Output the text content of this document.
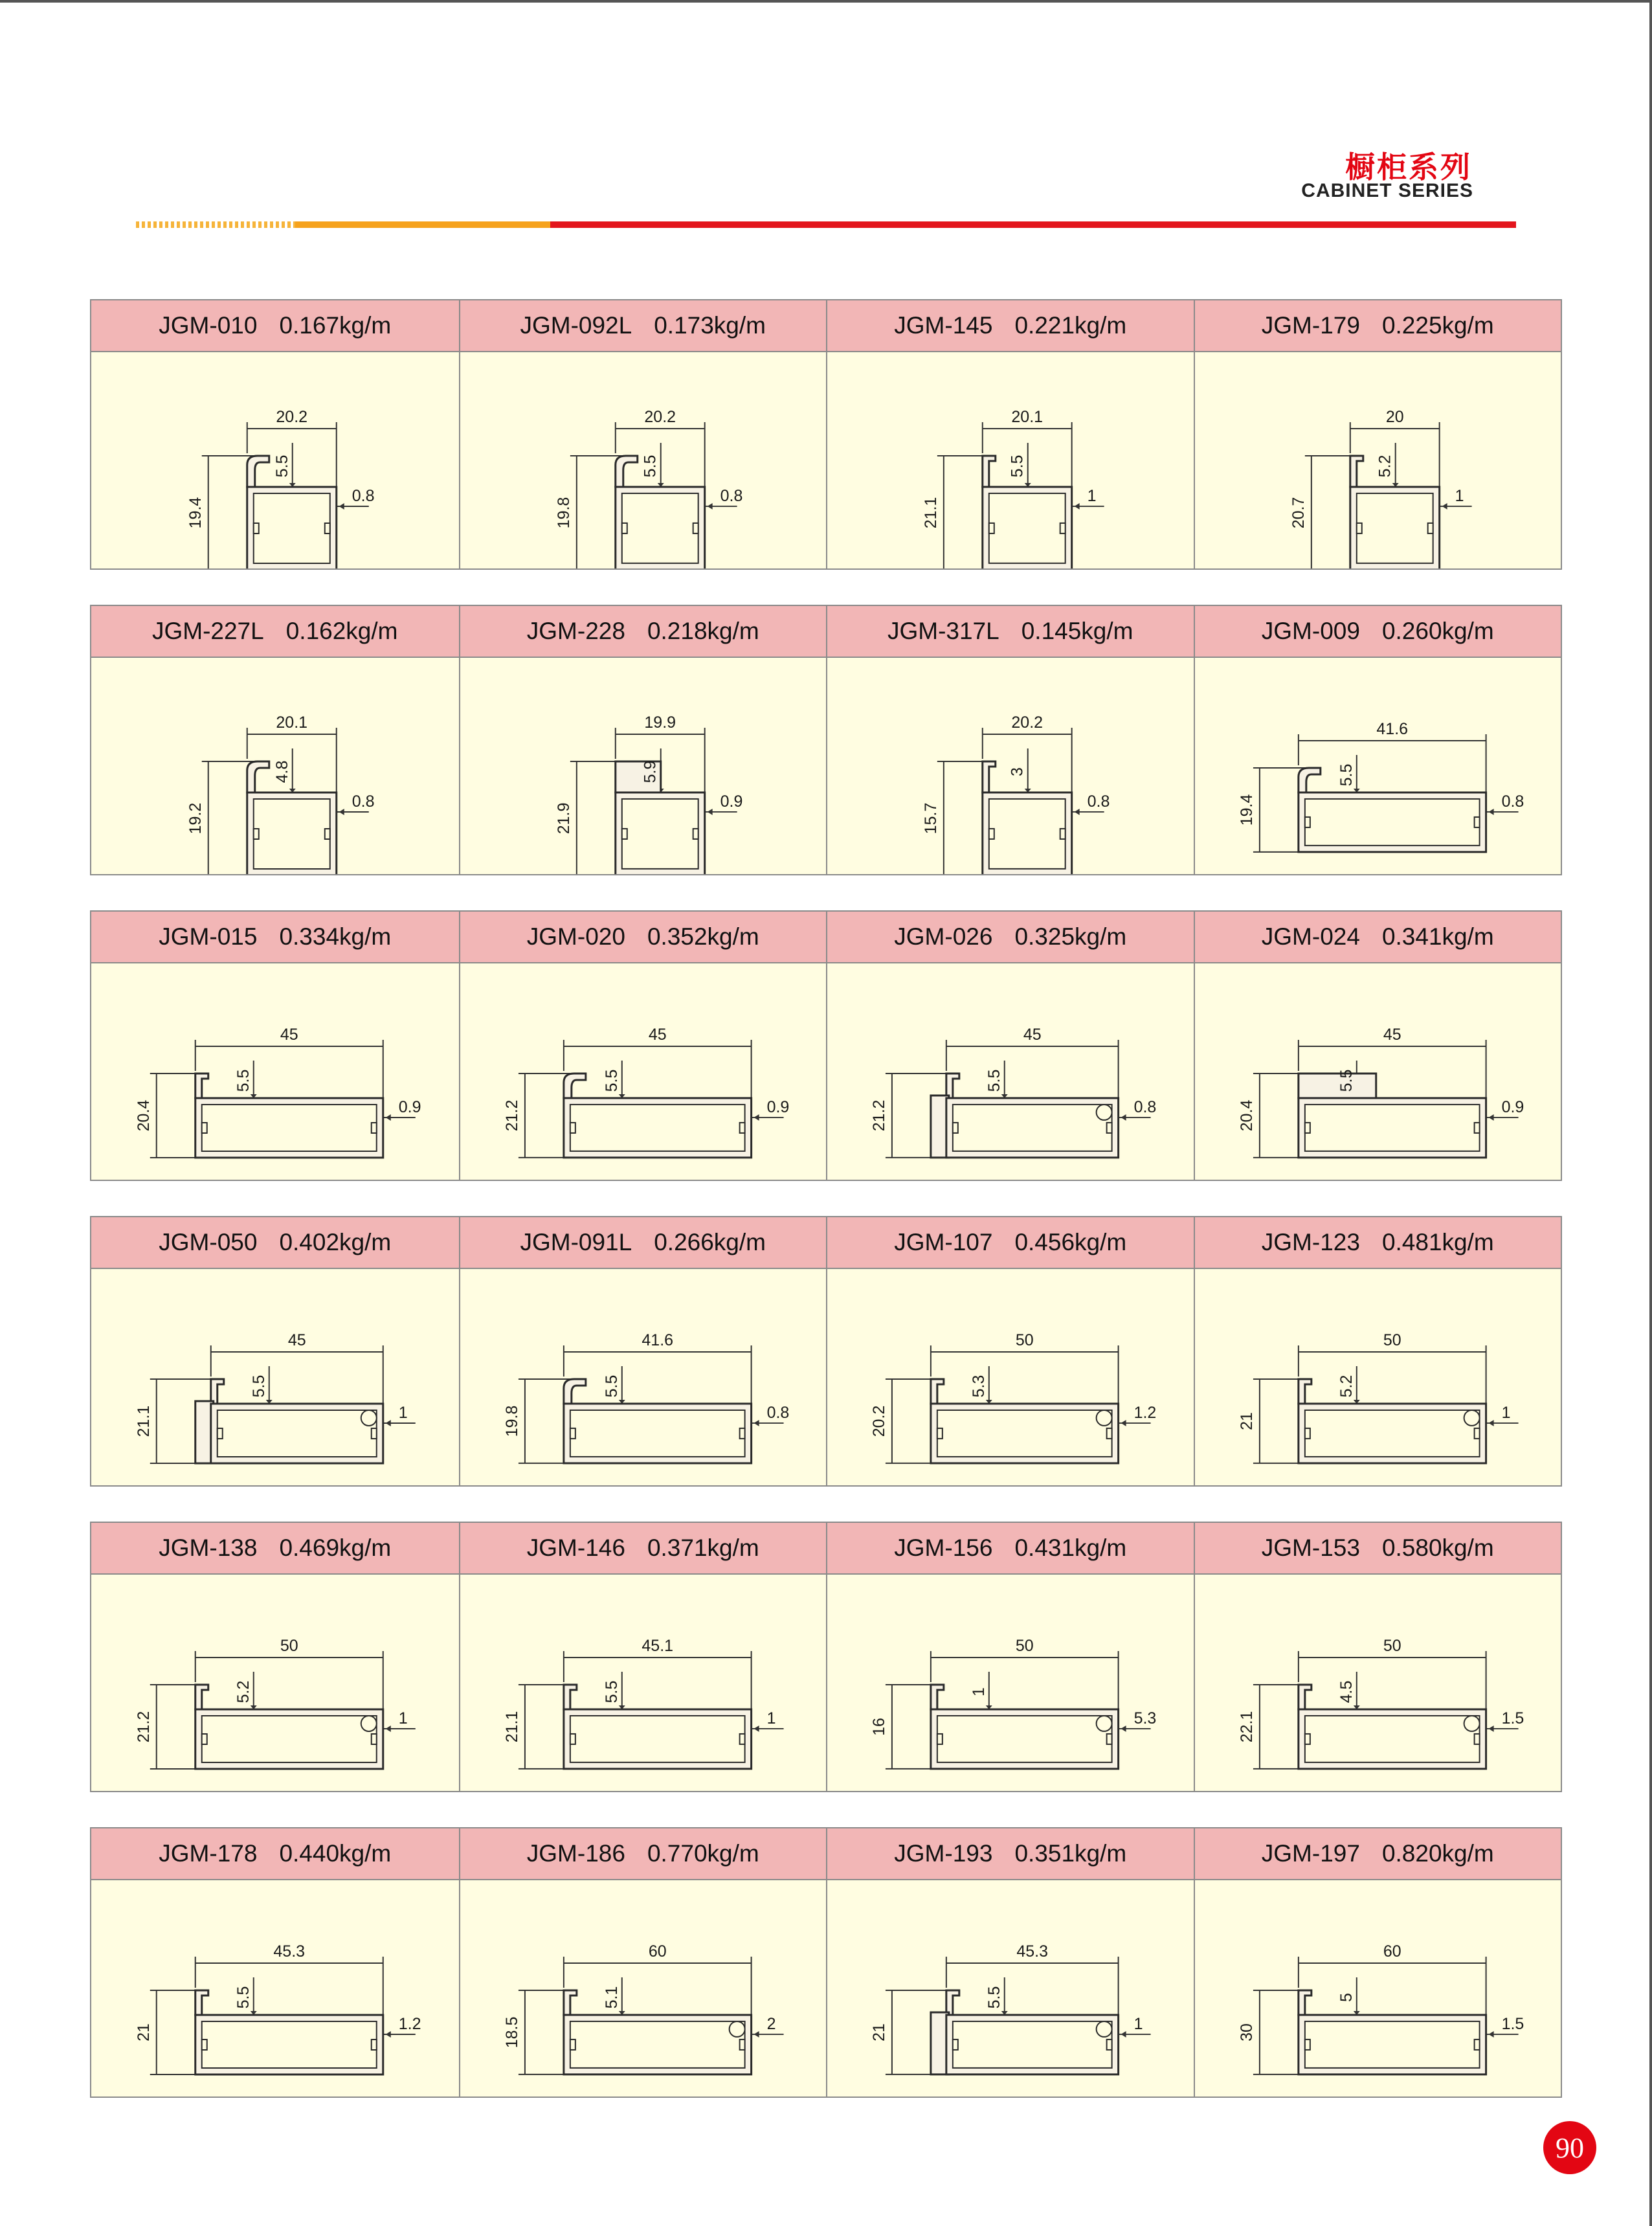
橱柜系列
CABINET SERIES
JGM-010 0.167kg/m
20.2
19.4
5.5
0.8
JGM-092L 0.173kg/m
20.2
19.8
5.5
0.8
JGM-145 0.221kg/m
20.1
21.1
5.5
1
JGM-179 0.225kg/m
20
20.7
5.2
1
JGM-227L 0.162kg/m
20.1
19.2
4.8
0.8
JGM-228 0.218kg/m
19.9
21.9
5.9
0.9
JGM-317L 0.145kg/m
20.2
15.7
3
0.8
JGM-009 0.260kg/m
41.6
19.4
5.5
0.8
JGM-015 0.334kg/m
45
20.4
5.5
0.9
JGM-020 0.352kg/m
45
21.2
5.5
0.9
JGM-026 0.325kg/m
45
21.2
5.5
0.8
JGM-024 0.341kg/m
45
20.4
5.5
0.9
JGM-050 0.402kg/m
45
21.1
5.5
1
JGM-091L 0.266kg/m
41.6
19.8
5.5
0.8
JGM-107 0.456kg/m
50
20.2
5.3
1.2
JGM-123 0.481kg/m
50
21
5.2
1
JGM-138 0.469kg/m
50
21.2
5.2
1
JGM-146 0.371kg/m
45.1
21.1
5.5
1
JGM-156 0.431kg/m
50
16
1
5.3
JGM-153 0.580kg/m
50
22.1
4.5
1.5
JGM-178 0.440kg/m
45.3
21
5.5
1.2
JGM-186 0.770kg/m
60
18.5
5.1
2
JGM-193 0.351kg/m
45.3
21
5.5
1
JGM-197 0.820kg/m
60
30
5
1.5
90
